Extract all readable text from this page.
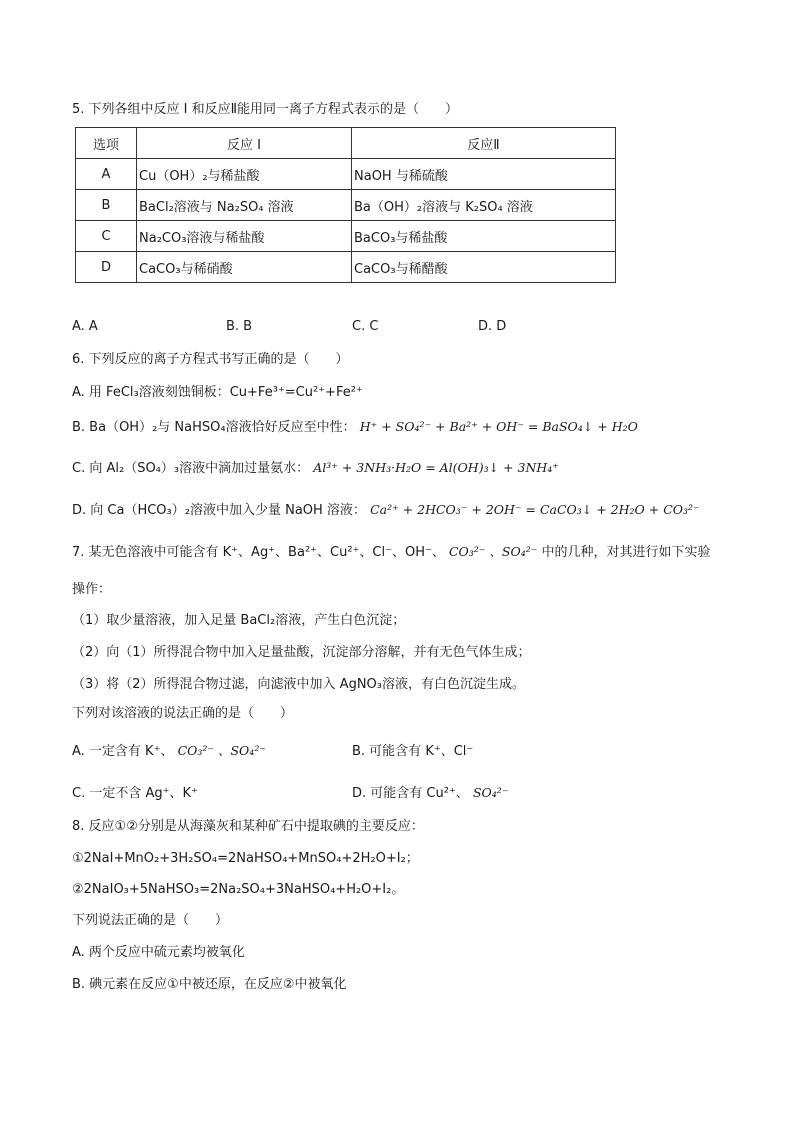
5. 下列各组中反应 I 和反应Ⅱ能用同一离子方程式表示的是（　　）
选项	反应 I	反应Ⅱ
A	Cu（OH）₂与稀盐酸	NaOH 与稀硫酸
B	BaCl₂溶液与 Na₂SO₄ 溶液	Ba（OH）₂溶液与 K₂SO₄ 溶液
C	Na₂CO₃溶液与稀盐酸	BaCO₃与稀盐酸
D	CaCO₃与稀硝酸	CaCO₃与稀醋酸
A. A	B. B	C. C	D. D
6. 下列反应的离子方程式书写正确的是（　　）
A. 用 FeCl₃溶液刻蚀铜板：Cu+Fe³⁺=Cu²⁺+Fe²⁺
B. Ba（OH）₂与 NaHSO₄溶液恰好反应至中性： H⁺ + SO₄²⁻ + Ba²⁺ + OH⁻ = BaSO₄↓ + H₂O
C. 向 Al₂（SO₄）₃溶液中滴加过量氨水： Al³⁺ + 3NH₃·H₂O = Al(OH)₃↓ + 3NH₄⁺
D. 向 Ca（HCO₃）₂溶液中加入少量 NaOH 溶液： Ca²⁺ + 2HCO₃⁻ + 2OH⁻ = CaCO₃↓ + 2H₂O + CO₃²⁻
7. 某无色溶液中可能含有 K⁺、Ag⁺、Ba²⁺、Cu²⁺、Cl⁻、OH⁻、 CO₃²⁻ 、SO₄²⁻ 中的几种，对其进行如下实验
操作：
（1）取少量溶液，加入足量 BaCl₂溶液，产生白色沉淀；
（2）向（1）所得混合物中加入足量盐酸，沉淀部分溶解，并有无色气体生成；
（3）将（2）所得混合物过滤，向滤液中加入 AgNO₃溶液，有白色沉淀生成。
下列对该溶液的说法正确的是（　　）
A. 一定含有 K⁺、 CO₃²⁻ 、SO₄²⁻	B. 可能含有 K⁺、Cl⁻
C. 一定不含 Ag⁺、K⁺	D. 可能含有 Cu²⁺、 SO₄²⁻
8. 反应①②分别是从海藻灰和某种矿石中提取碘的主要反应：
①2NaI+MnO₂+3H₂SO₄=2NaHSO₄+MnSO₄+2H₂O+I₂；
②2NaIO₃+5NaHSO₃=2Na₂SO₄+3NaHSO₄+H₂O+I₂。
下列说法正确的是（　　）
A. 两个反应中硫元素均被氧化
B. 碘元素在反应①中被还原，在反应②中被氧化
